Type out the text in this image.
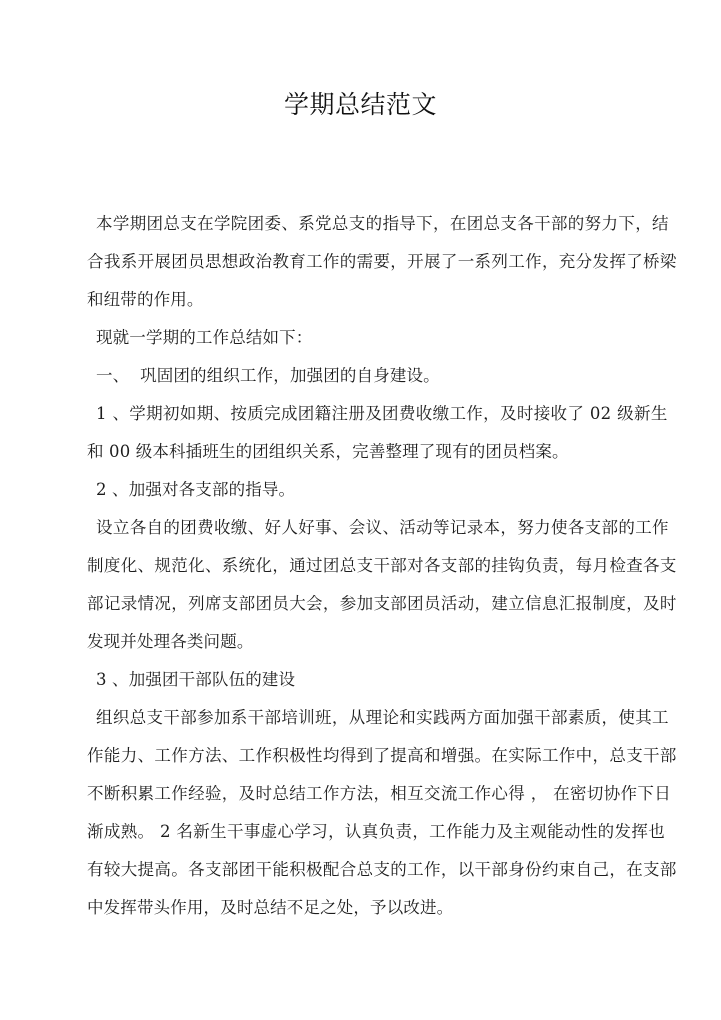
学期总结范文
本学期团总支在学院团委、系党总支的指导下，在团总支各干部的努力下，结
合我系开展团员思想政治教育工作的需要，开展了一系列工作，充分发挥了桥梁
和纽带的作用。
现就一学期的工作总结如下：
一、  巩固团的组织工作，加强团的自身建设。
1 、学期初如期、按质完成团籍注册及团费收缴工作，及时接收了 02 级新生
和 00 级本科插班生的团组织关系，完善整理了现有的团员档案。
2 、加强对各支部的指导。
设立各自的团费收缴、好人好事、会议、活动等记录本，努力使各支部的工作
制度化、规范化、系统化，通过团总支干部对各支部的挂钩负责，每月检查各支
部记录情况，列席支部团员大会，参加支部团员活动，建立信息汇报制度，及时
发现并处理各类问题。
3 、加强团干部队伍的建设
组织总支干部参加系干部培训班，从理论和实践两方面加强干部素质，使其工
作能力、工作方法、工作积极性均得到了提高和增强。在实际工作中，总支干部
不断积累工作经验，及时总结工作方法，相互交流工作心得 ， 在密切协作下日
渐成熟。 2 名新生干事虚心学习，认真负责，工作能力及主观能动性的发挥也
有较大提高。各支部团干能积极配合总支的工作，以干部身份约束自己，在支部
中发挥带头作用，及时总结不足之处，予以改进。
